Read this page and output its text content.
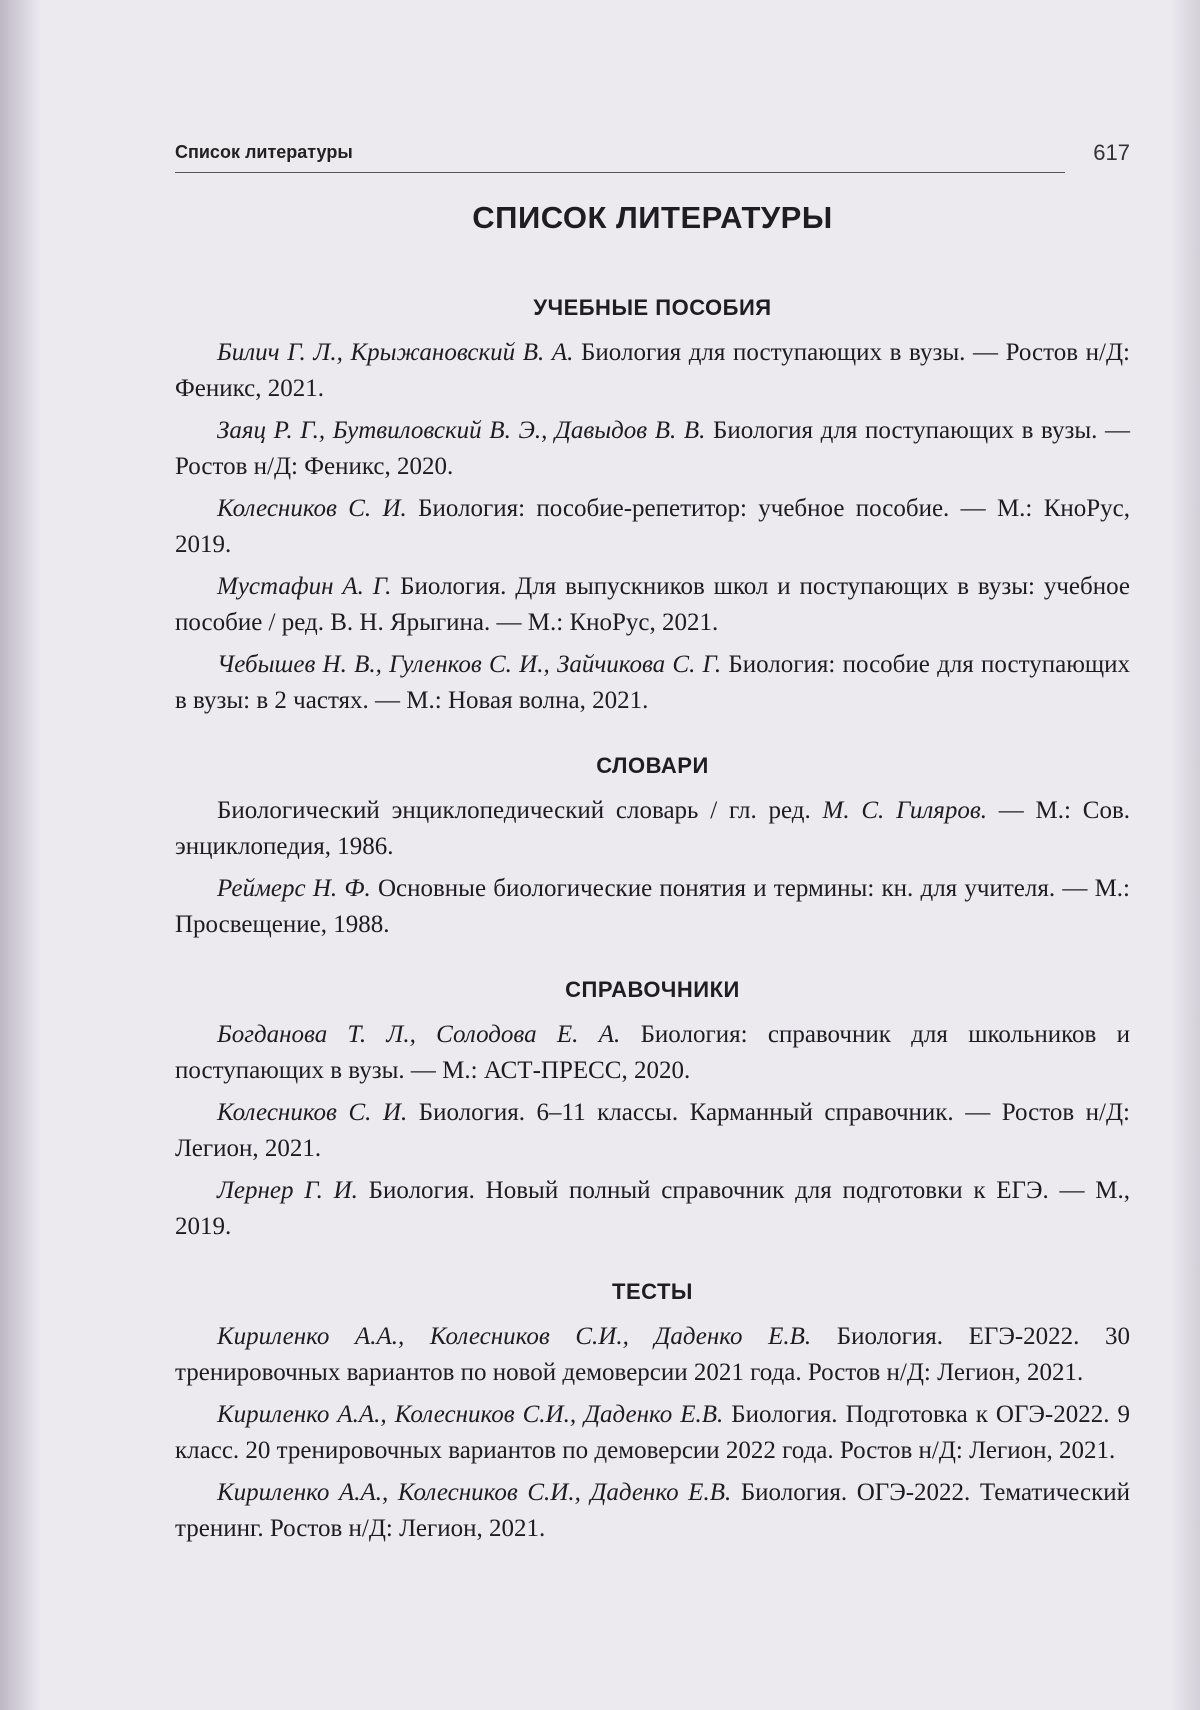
Список литературы	617
СПИСОК ЛИТЕРАТУРЫ
УЧЕБНЫЕ ПОСОБИЯ

Билич Г. Л., Крыжановский В. А. Биология для поступающих в вузы. — Ростов н/Д: Феникс, 2021.

Заяц Р. Г., Бутвиловский В. Э., Давыдов В. В. Биология для поступающих в вузы. — Ростов н/Д: Феникс, 2020.

Колесников С. И. Биология: пособие-репетитор: учебное пособие. — М.: КноРус, 2019.

Мустафин А. Г. Биология. Для выпускников школ и поступающих в вузы: учебное пособие / ред. В. Н. Ярыгина. — М.: КноРус, 2021.

Чебышев Н. В., Гуленков С. И., Зайчикова С. Г. Биология: пособие для поступающих в вузы: в 2 частях. — М.: Новая волна, 2021.

СЛОВАРИ

Биологический энциклопедический словарь / гл. ред. М. С. Гиляров. — М.: Сов. энциклопедия, 1986.

Реймерс Н. Ф. Основные биологические понятия и термины: кн. для учителя. — М.: Просвещение, 1988.

СПРАВОЧНИКИ

Богданова Т. Л., Солодова Е. А. Биология: справочник для школьников и поступающих в вузы. — М.: АСТ-ПРЕСС, 2020.

Колесников С. И. Биология. 6–11 классы. Карманный справочник. — Ростов н/Д: Легион, 2021.

Лернер Г. И. Биология. Новый полный справочник для подготовки к ЕГЭ. — М., 2019.

ТЕСТЫ

Кириленко А.А., Колесников С.И., Даденко Е.В. Биология. ЕГЭ-2022. 30 тренировочных вариантов по новой демоверсии 2021 года. Ростов н/Д: Легион, 2021.

Кириленко А.А., Колесников С.И., Даденко Е.В. Биология. Подготовка к ОГЭ-2022. 9 класс. 20 тренировочных вариантов по демоверсии 2022 года. Ростов н/Д: Легион, 2021.

Кириленко А.А., Колесников С.И., Даденко Е.В. Биология. ОГЭ-2022. Тематический тренинг. Ростов н/Д: Легион, 2021.
